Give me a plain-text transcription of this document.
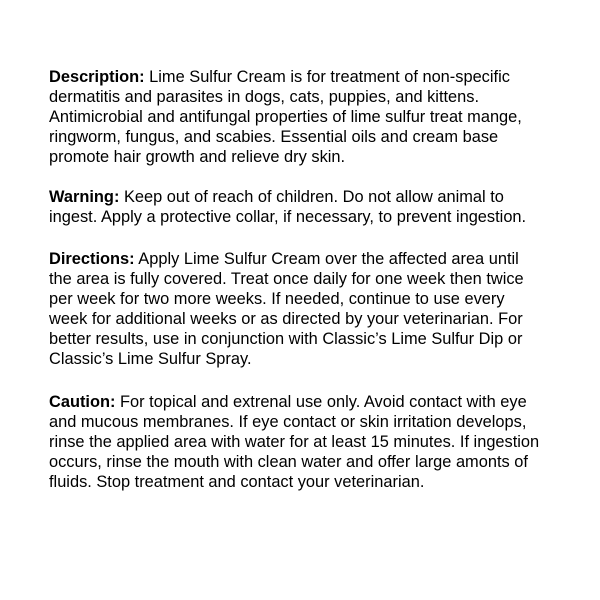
Description: Lime Sulfur Cream is for treatment of non-specific
dermatitis and parasites in dogs, cats, puppies, and kittens.
Antimicrobial and antifungal properties of lime sulfur treat mange,
ringworm, fungus, and scabies. Essential oils and cream base
promote hair growth and relieve dry skin.

Warning: Keep out of reach of children. Do not allow animal to
ingest. Apply a protective collar, if necessary, to prevent ingestion.

Directions: Apply Lime Sulfur Cream over the affected area until
the area is fully covered. Treat once daily for one week then twice
per week for two more weeks. If needed, continue to use every
week for additional weeks or as directed by your veterinarian. For
better results, use in conjunction with Classic’s Lime Sulfur Dip or
Classic’s Lime Sulfur Spray.

Caution: For topical and extrenal use only. Avoid contact with eye
and mucous membranes. If eye contact or skin irritation develops,
rinse the applied area with water for at least 15 minutes. If ingestion
occurs, rinse the mouth with clean water and offer large amonts of
fluids. Stop treatment and contact your veterinarian.
